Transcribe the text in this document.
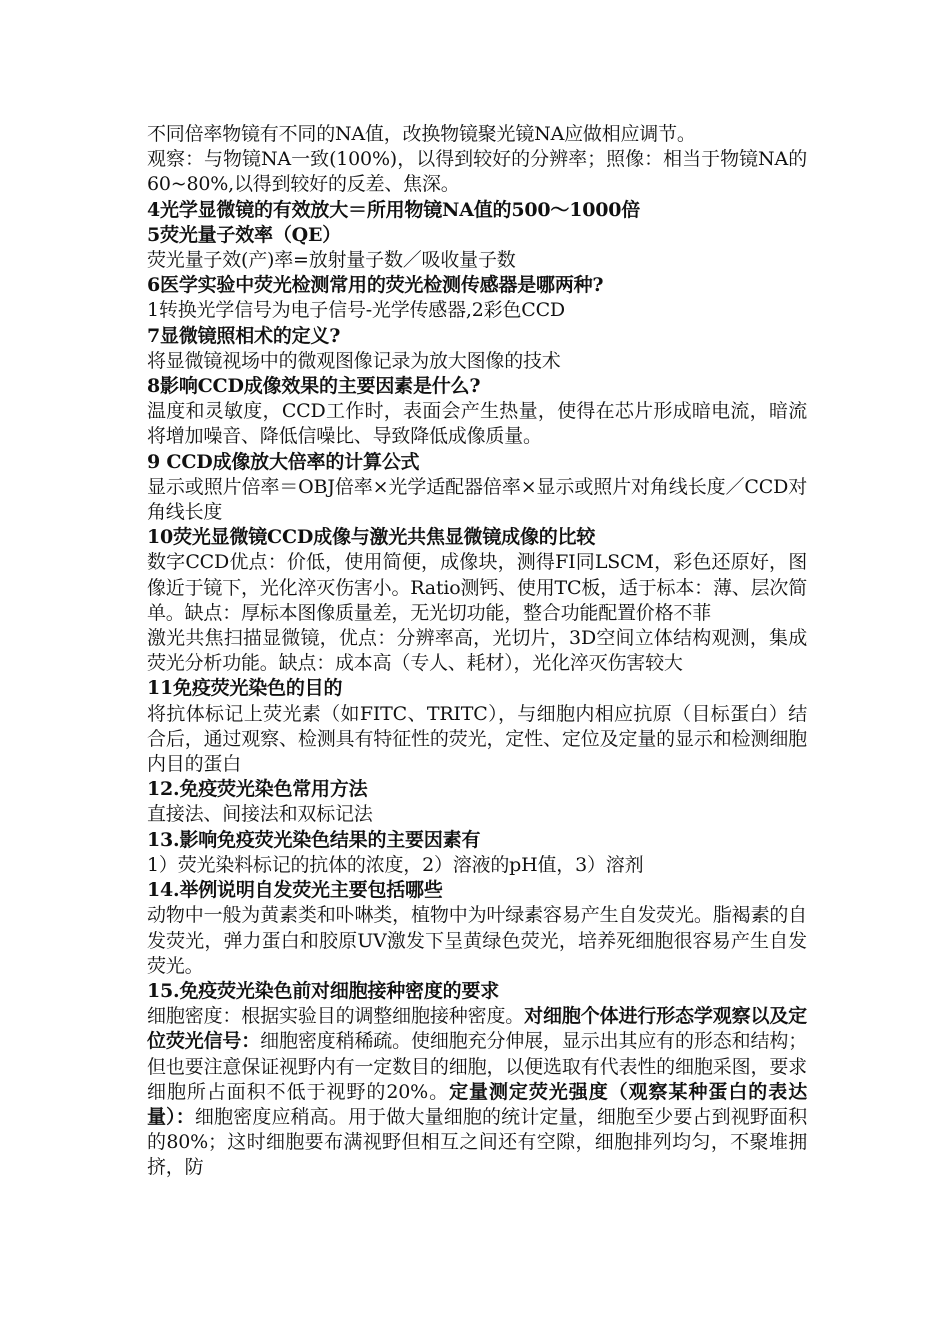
不同倍率物镜有不同的NA值，改换物镜聚光镜NA应做相应调节。

观察：与物镜NA一致(100%)，以得到较好的分辨率；照像：相当于物镜NA的60~80%,以得到较好的反差、焦深。

4光学显微镜的有效放大＝所用物镜NA值的500～1000倍

5荧光量子效率（QE）

荧光量子效(产)率=放射量子数／吸收量子数

6医学实验中荧光检测常用的荧光检测传感器是哪两种?

1转换光学信号为电子信号-光学传感器,2彩色CCD

7显微镜照相术的定义?

将显微镜视场中的微观图像记录为放大图像的技术

8影响CCD成像效果的主要因素是什么?

温度和灵敏度，CCD工作时，表面会产生热量，使得在芯片形成暗电流，暗流将增加噪音、降低信噪比、导致降低成像质量。

9 CCD成像放大倍率的计算公式

显示或照片倍率＝OBJ倍率×光学适配器倍率×显示或照片对角线长度／CCD对角线长度

10荧光显微镜CCD成像与激光共焦显微镜成像的比较

数字CCD优点：价低，使用简便，成像块，测得FI同LSCM，彩色还原好，图像近于镜下，光化淬灭伤害小。Ratio测钙、使用TC板，适于标本：薄、层次简单。缺点：厚标本图像质量差，无光切功能，整合功能配置价格不菲

激光共焦扫描显微镜，优点：分辨率高，光切片，3D空间立体结构观测，集成荧光分析功能。缺点：成本高（专人、耗材），光化淬灭伤害较大

11免疫荧光染色的目的

将抗体标记上荧光素（如FITC、TRITC），与细胞内相应抗原（目标蛋白）结合后，通过观察、检测具有特征性的荧光，定性、定位及定量的显示和检测细胞内目的蛋白

12.免疫荧光染色常用方法

直接法、间接法和双标记法

13.影响免疫荧光染色结果的主要因素有

1）荧光染料标记的抗体的浓度，2）溶液的pH值，3）溶剂

14.举例说明自发荧光主要包括哪些

动物中一般为黄素类和卟啉类，植物中为叶绿素容易产生自发荧光。脂褐素的自发荧光，弹力蛋白和胶原UV激发下呈黄绿色荧光，培养死细胞很容易产生自发荧光。

15.免疫荧光染色前对细胞接种密度的要求

细胞密度：根据实验目的调整细胞接种密度。对细胞个体进行形态学观察以及定位荧光信号：细胞密度稍稀疏。使细胞充分伸展，显示出其应有的形态和结构；但也要注意保证视野内有一定数目的细胞，以便选取有代表性的细胞采图，要求细胞所占面积不低于视野的20%。定量测定荧光强度（观察某种蛋白的表达量）：细胞密度应稍高。用于做大量细胞的统计定量，细胞至少要占到视野面积的80%；这时细胞要布满视野但相互之间还有空隙，细胞排列均匀，不聚堆拥挤，防
